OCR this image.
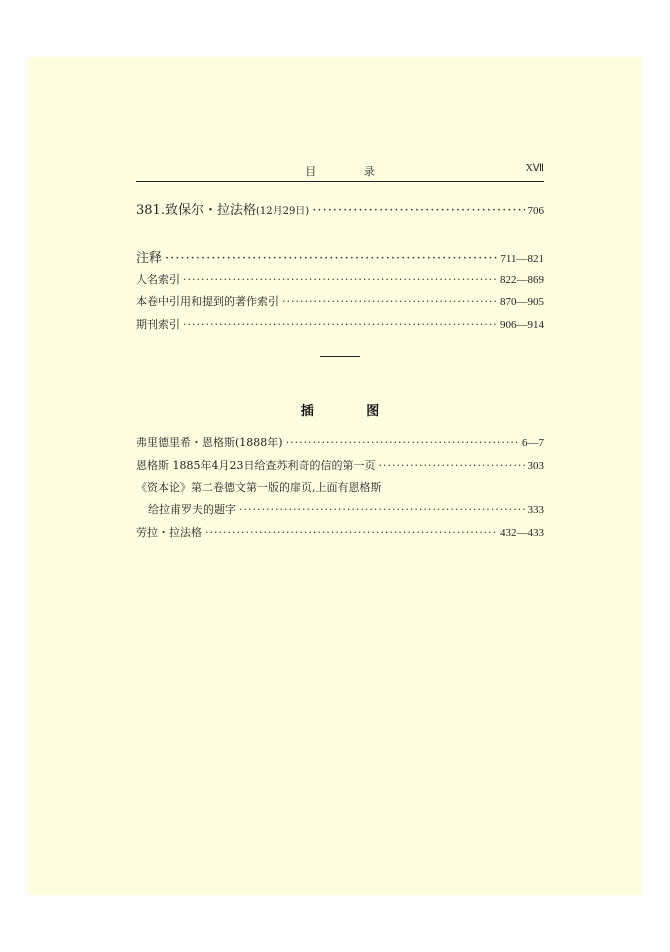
目 录	XⅦ
381.致保尔・拉法格(12月29日) ·····	706
注释 ·····	711—821
人名索引 ·····	822—869
本卷中引用和提到的著作索引 ·····	870—905
期刊索引 ·····	906—914
插 图
弗里德里希・恩格斯(1888年) ·····	6—7
恩格斯 1885年4月23日给查苏利奇的信的第一页 ·····	303
《资本论》第二卷德文第一版的扉页,上面有恩格斯
给拉甫罗夫的题字 ·····	333
劳拉・拉法格 ·····	432—433
